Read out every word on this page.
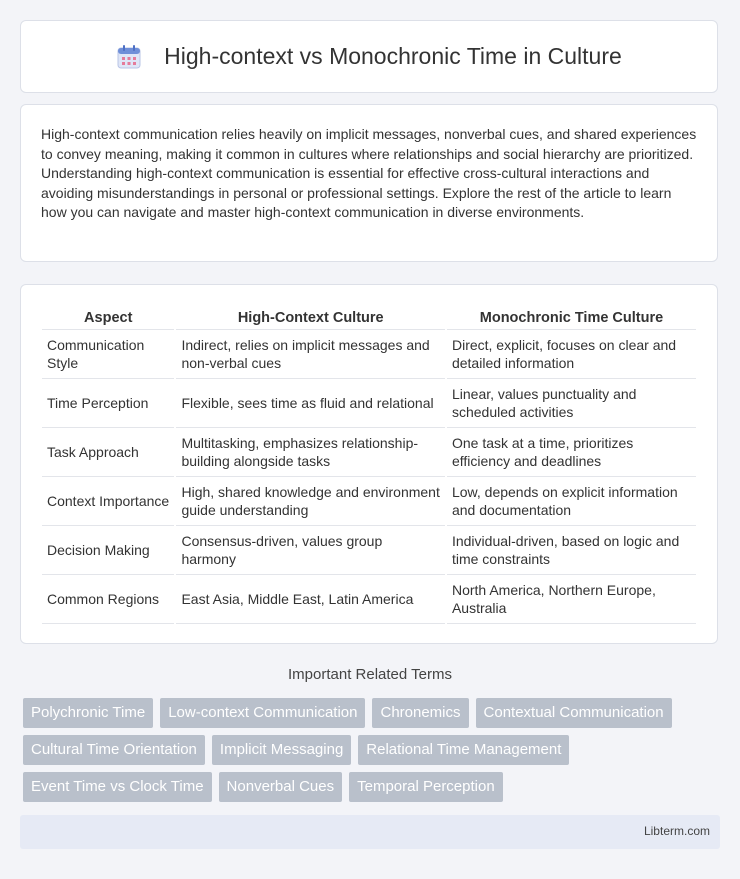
High-context vs Monochronic Time in Culture

High-context communication relies heavily on implicit messages, nonverbal cues, and shared experiences to convey meaning, making it common in cultures where relationships and social hierarchy are prioritized. Understanding high-context communication is essential for effective cross-cultural interactions and avoiding misunderstandings in personal or professional settings. Explore the rest of the article to learn how you can navigate and master high-context communication in diverse environments.

Aspect	High-Context Culture	Monochronic Time Culture
Communication Style	Indirect, relies on implicit messages and non-verbal cues	Direct, explicit, focuses on clear and detailed information
Time Perception	Flexible, sees time as fluid and relational	Linear, values punctuality and scheduled activities
Task Approach	Multitasking, emphasizes relationship-building alongside tasks	One task at a time, prioritizes efficiency and deadlines
Context Importance	High, shared knowledge and environment guide understanding	Low, depends on explicit information and documentation
Decision Making	Consensus-driven, values group harmony	Individual-driven, based on logic and time constraints
Common Regions	East Asia, Middle East, Latin America	North America, Northern Europe, Australia
Important Related Terms
Polychronic Time	Low-context Communication	Chronemics	Contextual Communication
Cultural Time Orientation	Implicit Messaging	Relational Time Management
Event Time vs Clock Time	Nonverbal Cues	Temporal Perception
Libterm.com
